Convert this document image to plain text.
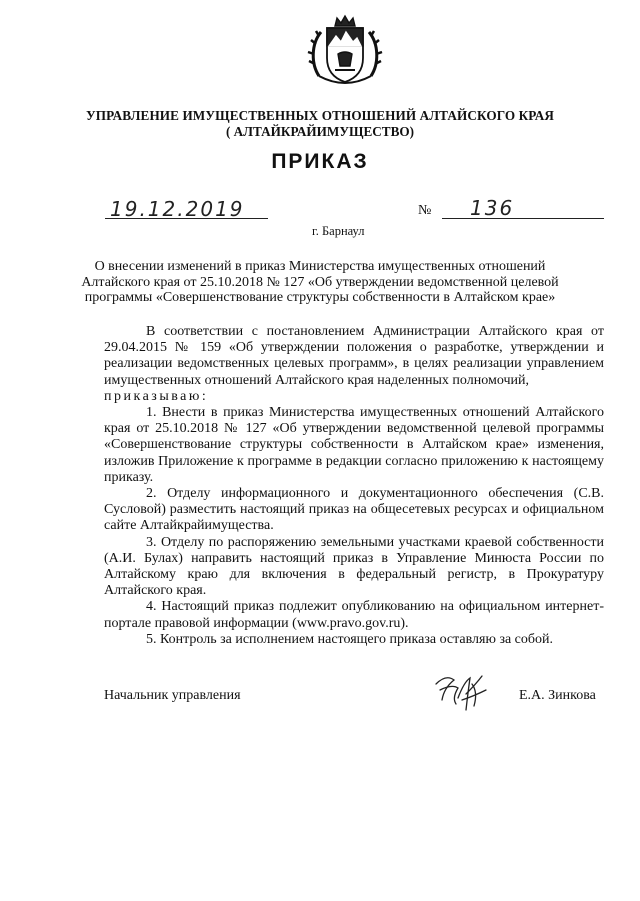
УПРАВЛЕНИЕ ИМУЩЕСТВЕННЫХ ОТНОШЕНИЙ АЛТАЙСКОГО КРАЯ
( АЛТАЙКРАЙИМУЩЕСТВО)
ПРИКАЗ
19.12.2019	№ 136
г. Барнаул
О внесении изменений в приказ Министерства имущественных отношений Алтайского края от 25.10.2018 № 127 «Об утверждении ведомственной целевой программы «Совершенствование структуры собственности в Алтайском крае»

В соответствии с постановлением Администрации Алтайского края от 29.04.2015 № 159 «Об утверждении положения о разработке, утверждении и реализации ведомственных целевых программ», в целях реализации управлением имущественных отношений Алтайского края наделенных полномочий,

приказываю:

1. Внести в приказ Министерства имущественных отношений Алтайского края от 25.10.2018 № 127 «Об утверждении ведомственной целевой программы «Совершенствование структуры собственности в Алтайском крае» изменения, изложив Приложение к программе в редакции согласно приложению к настоящему приказу.

2. Отделу информационного и документационного обеспечения (С.В. Сусловой) разместить настоящий приказ на общесетевых ресурсах и официальном сайте Алтайкрайимущества.

3. Отделу по распоряжению земельными участками краевой собственности (А.И. Булах) направить настоящий приказ в Управление Минюста России по Алтайскому краю для включения в федеральный регистр, в Прокуратуру Алтайского края.

4. Настоящий приказ подлежит опубликованию на официальном интернет-портале правовой информации (www.pravo.gov.ru).

5. Контроль за исполнением настоящего приказа оставляю за собой.

Начальник управления	Е.А. Зинкова
